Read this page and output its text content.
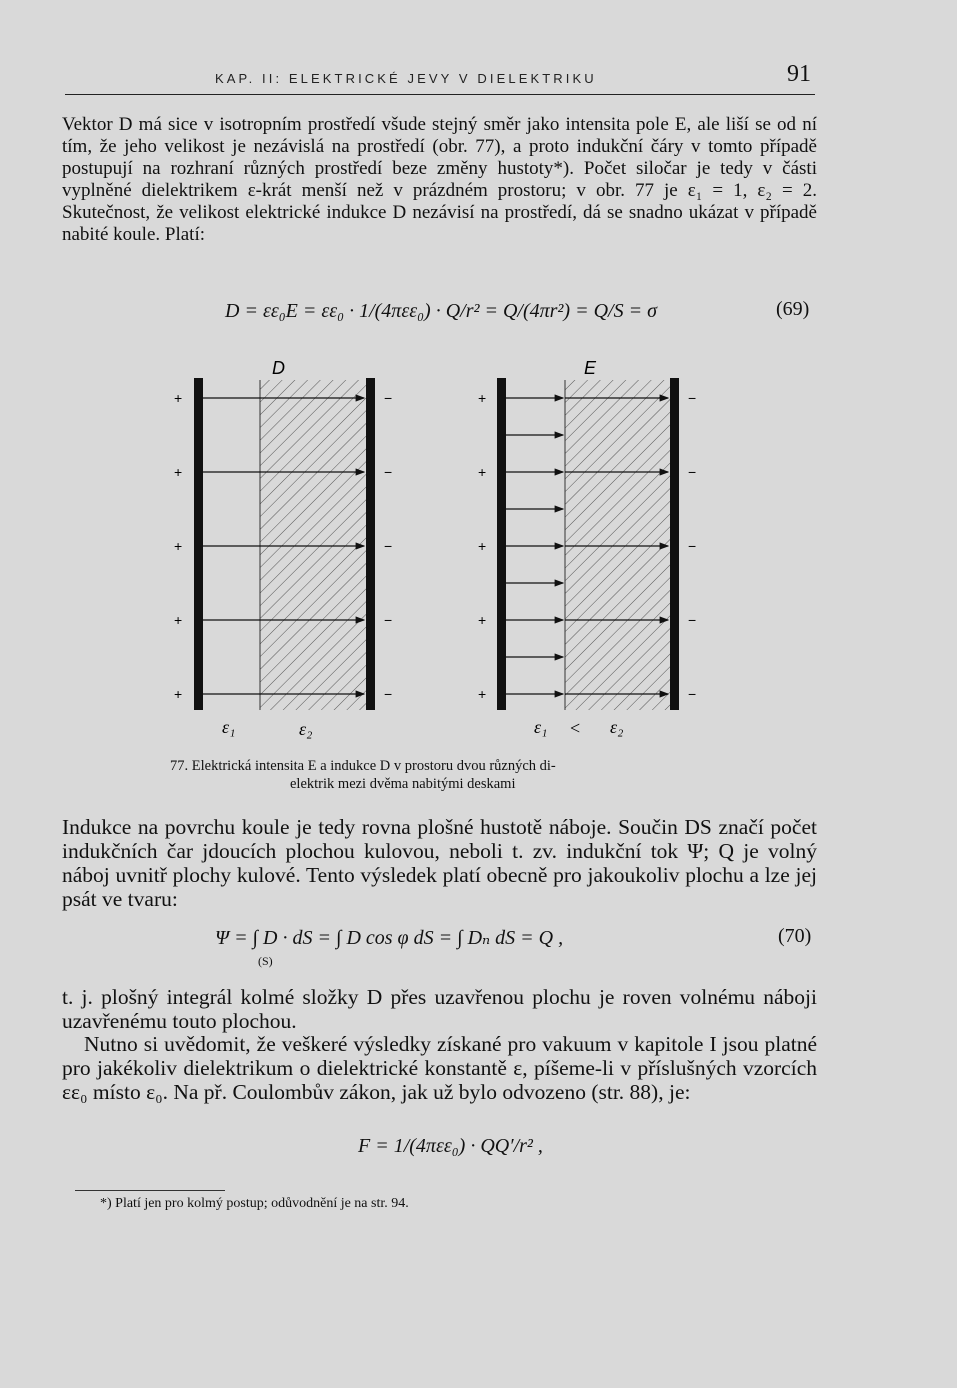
KAP. II: ELEKTRICKÉ JEVY V DIELEKTRIKU	91

Vektor D má sice v isotropním prostředí všude stejný směr jako intensita pole E, ale liší se od ní tím, že jeho velikost je nezávislá na prostředí (obr. 77), a proto indukční čáry v tomto případě postupují na rozhraní různých prostředí beze změny hustoty*). Počet siločar je tedy v části vyplněné dielektrikem ε-krát menší než v prázdném prostoru; v obr. 77 je ε₁ = 1, ε₂ = 2. Skutečnost, že velikost elektrické indukce D nezávisí na prostředí, dá se snadno ukázat v případě nabité koule. Platí:

D = εε₀E = εε₀ · 1/(4πεε₀) · Q/r² = Q/(4πr²) = Q/S = σ	(69)
D
+
+
+
+
+
−
−
−
−
−
ε₁	ε₂
E
+
+
+
+
+
−
−
−
−
−
ε₁ < ε₂
77. Elektrická intensita E a indukce D v prostoru dvou různých di-

elektrik mezi dvěma nabitými deskami

Indukce na povrchu koule je tedy rovna plošné hustotě náboje. Součin DS značí počet indukčních čar jdoucích plochou kulovou, neboli t. zv. indukční tok Ψ; Q je volný náboj uvnitř plochy kulové. Tento výsledek platí obecně pro jakoukoliv plochu a lze jej psát ve tvaru:

Ψ = ∫ D · dS = ∫ D cos φ dS = ∫ Dₙ dS = Q ,
(S)
(70)

t. j. plošný integrál kolmé složky D přes uzavřenou plochu je roven volnému náboji uzavřenému touto plochou.

Nutno si uvědomit, že veškeré výsledky získané pro vakuum v kapitole I jsou platné pro jakékoliv dielektrikum o dielektrické konstantě ε, píšeme-li v příslušných vzorcích εε₀ místo ε₀. Na př. Coulombův zákon, jak už bylo odvozeno (str. 88), je:

F = 1/(4πεε₀) · QQ′/r² ,
*) Platí jen pro kolmý postup; odůvodnění je na str. 94.
